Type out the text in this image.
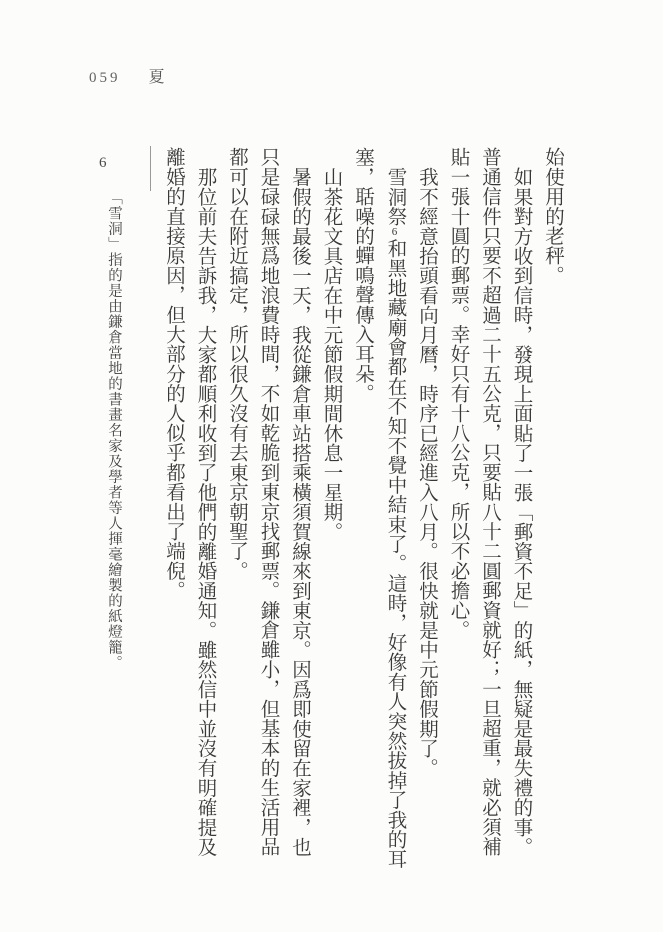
059 夏

始使用的老秤。

如果對方收到信時，發現上面貼了一張「郵資不足」的紙，無疑是最失禮的事。普通信件只要不超過二十五公克，只要貼八十二圓郵資就好；一旦超重，就必須補貼一張十圓的郵票。幸好只有十八公克，所以不必擔心。

我不經意抬頭看向月曆，時序已經進入八月。很快就是中元節假期了。

雪洞祭6和黑地藏廟會都在不知不覺中結束了。這時，好像有人突然拔掉了我的耳塞，聒噪的蟬鳴聲傳入耳朵。

山茶花文具店在中元節假期間休息一星期。

暑假的最後一天，我從鎌倉車站搭乘橫須賀線來到東京。因爲即使留在家裡，也只是碌碌無爲地浪費時間，不如乾脆到東京找郵票。鎌倉雖小，但基本的生活用品都可以在附近搞定，所以很久沒有去東京朝聖了。

那位前夫告訴我，大家都順利收到了他們的離婚通知。雖然信中並沒有明確提及離婚的直接原因，但大部分的人似乎都看出了端倪。

6
「雪洞」指的是由鎌倉當地的書畫名家及學者等人揮毫繪製的紙燈籠。
